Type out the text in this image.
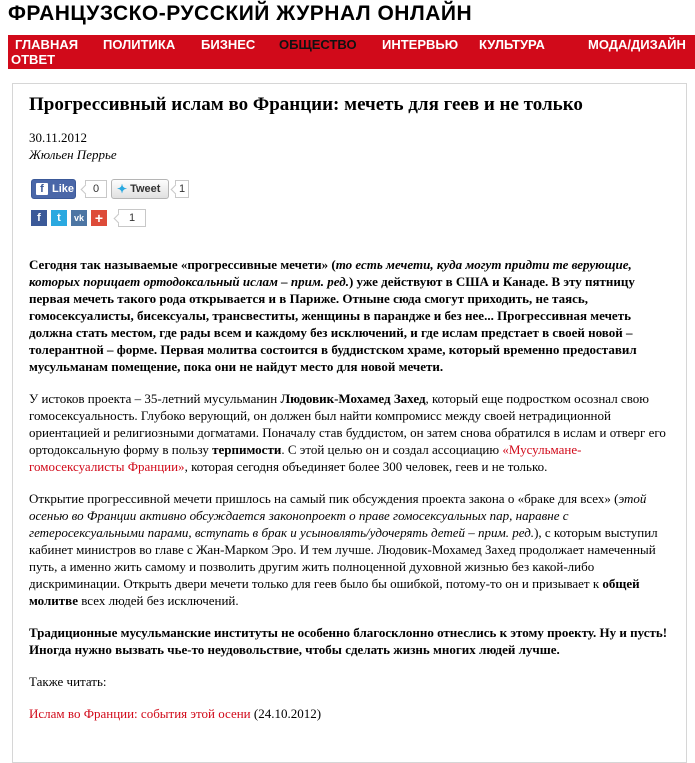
ФРАНЦУЗСКО-РУССКИЙ ЖУРНАЛ ОНЛАЙН
ГЛАВНАЯ ПОЛИТИКА БИЗНЕС ОБЩЕСТВО ИНТЕРВЬЮ КУЛЬТУРА	МОДА/ДИЗАЙН
ОТВЕТ
Прогрессивный ислам во Франции: мечеть для геев и не только
30.11.2012
Жюльен Перрье
f Like	0	✦ Tweet	1
f	t	vk +	1

Сегодня так называемые «прогрессивные мечети» (то есть мечети, куда могут придти те верующие, которых порицает ортодоксальный ислам – прим. ред.) уже действуют в США и Канаде. В эту пятницу первая мечеть такого рода открывается и в Париже. Отныне сюда смогут приходить, не таясь, гомосексуалисты, бисексуалы, трансвеститы, женщины в парандже и без нее... Прогрессивная мечеть должна стать местом, где рады всем и каждому без исключений, и где ислам предстает в своей новой – толерантной – форме. Первая молитва состоится в буддистском храме, который временно предоставил мусульманам помещение, пока они не найдут место для новой мечети.

У истоков проекта – 35-летний мусульманин Людовик-Мохамед Захед, который еще подростком осознал свою гомосексуальность. Глубоко верующий, он должен был найти компромисс между своей нетрадиционной ориентацией и религиозными догматами. Поначалу став буддистом, он затем снова обратился в ислам и отверг его ортодоксальную форму в пользу терпимости. С этой целью он и создал ассоциацию «Мусульмане-гомосексуалисты Франции», которая сегодня объединяет более 300 человек, геев и не только.

Открытие прогрессивной мечети пришлось на самый пик обсуждения проекта закона о «браке для всех» (этой осенью во Франции активно обсуждается законопроект о праве гомосексуальных пар, наравне с гетеросексуальными парами, вступать в брак и усыновлять/удочерять детей – прим. ред.), с которым выступил кабинет министров во главе с Жан-Марком Эро. И тем лучше. Людовик-Мохамед Захед продолжает намеченный путь, а именно жить самому и позволить другим жить полноценной духовной жизнью без какой-либо дискриминации. Открыть двери мечети только для геев было бы ошибкой, потому-то он и призывает к общей молитве всех людей без исключений.

Традиционные мусульманские институты не особенно благосклонно отнеслись к этому проекту. Ну и пусть! Иногда нужно вызвать чье-то неудовольствие, чтобы сделать жизнь многих людей лучше.

Также читать:

Ислам во Франции: события этой осени (24.10.2012)
